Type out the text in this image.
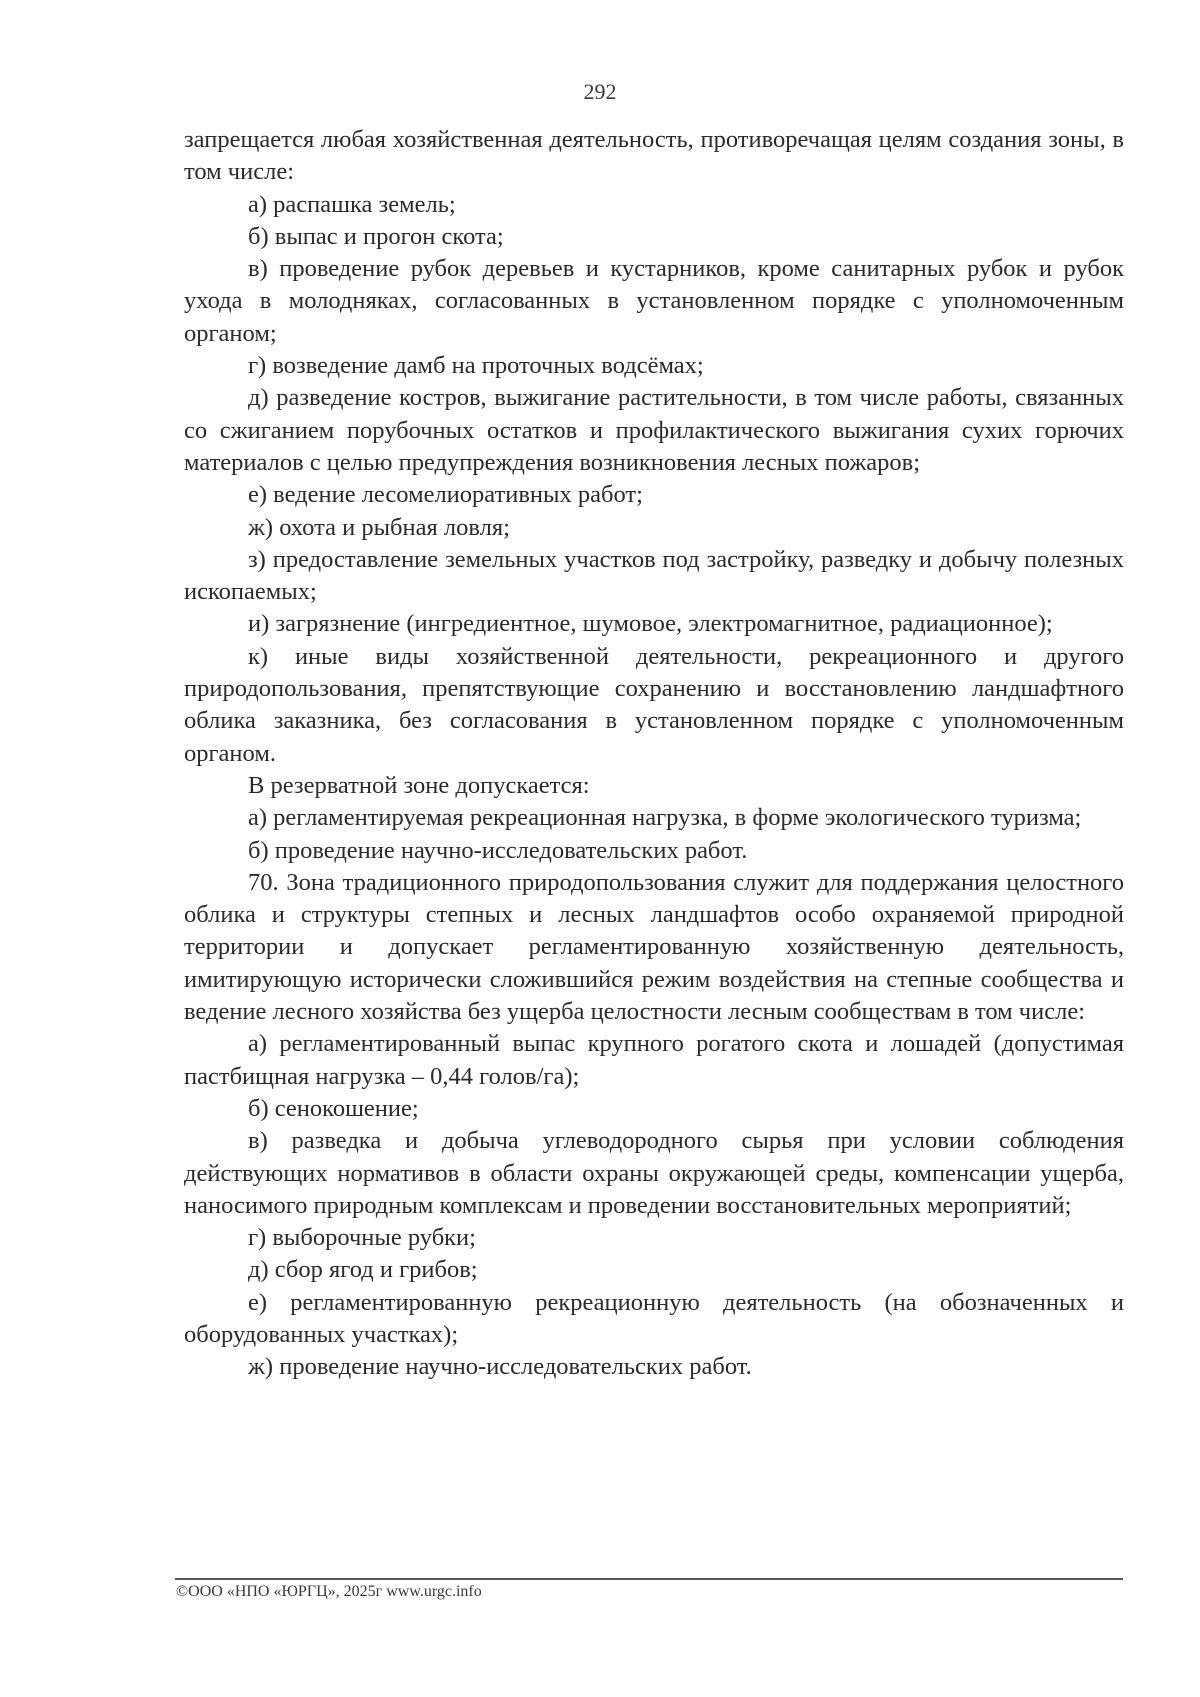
292

запрещается любая хозяйственная деятельность, противоречащая целям создания зоны, в том числе:

а) распашка земель;

б) выпас и прогон скота;

в) проведение рубок деревьев и кустарников, кроме санитарных рубок и рубок ухода в молодняках, согласованных в установленном порядке с уполномоченным органом;

г) возведение дамб на проточных водсёмах;

д) разведение костров, выжигание растительности, в том числе работы, связанных со сжиганием порубочных остатков и профилактического выжигания сухих горючих материалов с целью предупреждения возникновения лесных пожаров;

е) ведение лесомелиоративных работ;

ж) охота и рыбная ловля;

з) предоставление земельных участков под застройку, разведку и добычу полезных ископаемых;

и) загрязнение (ингредиентное, шумовое, электромагнитное, радиационное);

к) иные виды хозяйственной деятельности, рекреационного и другого природопользования, препятствующие сохранению и восстановлению ландшафтного облика заказника, без согласования в установленном порядке с уполномоченным органом.

В резерватной зоне допускается:

а) регламентируемая рекреационная нагрузка, в форме экологического туризма;

б) проведение научно-исследовательских работ.

70. Зона традиционного природопользования служит для поддержания целостного облика и структуры степных и лесных ландшафтов особо охраняемой природной территории и допускает регламентированную хозяйственную деятельность, имитирующую исторически сложившийся режим воздействия на степные сообщества и ведение лесного хозяйства без ущерба целостности лесным сообществам в том числе:

а) регламентированный выпас крупного рогатого скота и лошадей (допустимая пастбищная нагрузка – 0,44 голов/га);

б) сенокошение;

в) разведка и добыча углеводородного сырья при условии соблюдения действующих нормативов в области охраны окружающей среды, компенсации ущерба, наносимого природным комплексам и проведении восстановительных мероприятий;

г) выборочные рубки;

д) сбор ягод и грибов;

е) регламентированную рекреационную деятельность (на обозначенных и оборудованных участках);

ж) проведение научно-исследовательских работ.

©ООО «НПО «ЮРГЦ», 2025г www.urgc.info
